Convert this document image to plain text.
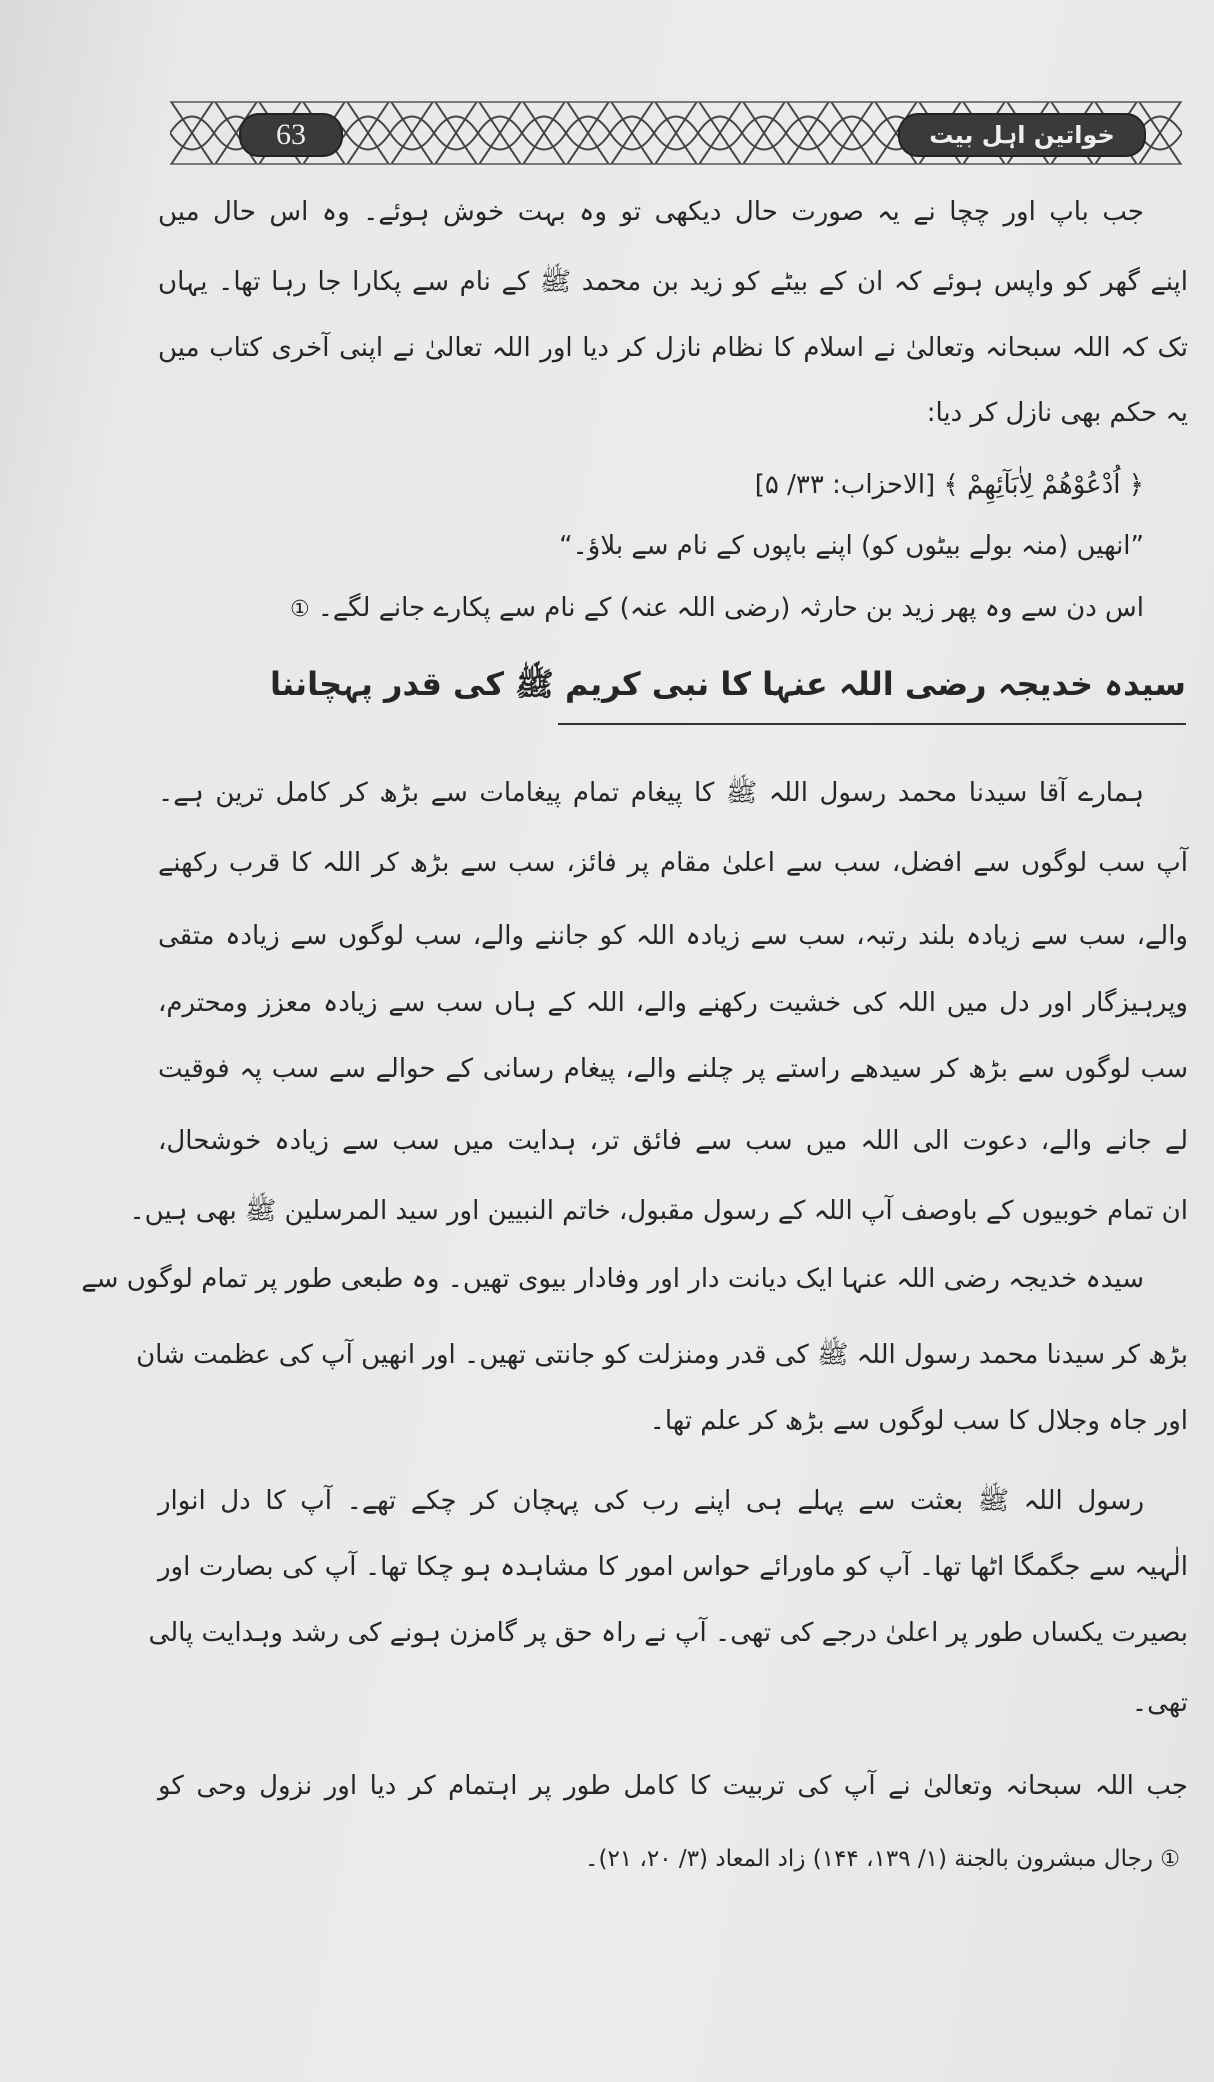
63	خواتین اہل بیت
جب باپ اور چچا نے یہ صورت حال دیکھی تو وہ بہت خوش ہوئے۔ وہ اس حال میں
اپنے گھر کو واپس ہوئے کہ ان کے بیٹے کو زید بن محمد ﷺ کے نام سے پکارا جا رہا تھا۔ یہاں
تک کہ اللہ سبحانہ وتعالیٰ نے اسلام کا نظام نازل کر دیا اور اللہ تعالیٰ نے اپنی آخری کتاب میں
یہ حکم بھی نازل کر دیا:
﴿ اُدْعُوْهُمْ لِاٰبَآئِهِمْ ﴾ [الاحزاب: ۳۳/ ۵]
”انھیں (منہ بولے بیٹوں کو) اپنے باپوں کے نام سے بلاؤ۔“
اس دن سے وہ پھر زید بن حارثہ (رضی اللہ عنہ) کے نام سے پکارے جانے لگے۔①
سیدہ خدیجہ رضی اللہ عنہا کا نبی کریم ﷺ کی قدر پہچاننا
ہمارے آقا سیدنا محمد رسول اللہ ﷺ کا پیغام تمام پیغامات سے بڑھ کر کامل ترین ہے۔
آپ سب لوگوں سے افضل، سب سے اعلیٰ مقام پر فائز، سب سے بڑھ کر اللہ کا قرب رکھنے
والے، سب سے زیادہ بلند رتبہ، سب سے زیادہ اللہ کو جاننے والے، سب لوگوں سے زیادہ متقی
وپرہیزگار اور دل میں اللہ کی خشیت رکھنے والے، اللہ کے ہاں سب سے زیادہ معزز ومحترم،
سب لوگوں سے بڑھ کر سیدھے راستے پر چلنے والے، پیغام رسانی کے حوالے سے سب پہ فوقیت
لے جانے والے، دعوت الی اللہ میں سب سے فائق تر، ہدایت میں سب سے زیادہ خوشحال،
ان تمام خوبیوں کے باوصف آپ اللہ کے رسول مقبول، خاتم النبیین اور سید المرسلین ﷺ بھی ہیں۔
سیدہ خدیجہ رضی اللہ عنہا ایک دیانت دار اور وفادار بیوی تھیں۔ وہ طبعی طور پر تمام لوگوں سے
بڑھ کر سیدنا محمد رسول اللہ ﷺ کی قدر ومنزلت کو جانتی تھیں۔ اور انھیں آپ کی عظمت شان
اور جاہ وجلال کا سب لوگوں سے بڑھ کر علم تھا۔
رسول اللہ ﷺ بعثت سے پہلے ہی اپنے رب کی پہچان کر چکے تھے۔ آپ کا دل انوار
الٰہیہ سے جگمگا اٹھا تھا۔ آپ کو ماورائے حواس امور کا مشاہدہ ہو چکا تھا۔ آپ کی بصارت اور
بصیرت یکساں طور پر اعلیٰ درجے کی تھی۔ آپ نے راہ حق پر گامزن ہونے کی رشد وہدایت پالی
تھی۔
جب اللہ سبحانہ وتعالیٰ نے آپ کی تربیت کا کامل طور پر اہتمام کر دیا اور نزول وحی کو
① رجال مبشرون بالجنة (۱/ ۱۳۹، ۱۴۴) زاد المعاد (۳/ ۲۰، ۲۱)۔
